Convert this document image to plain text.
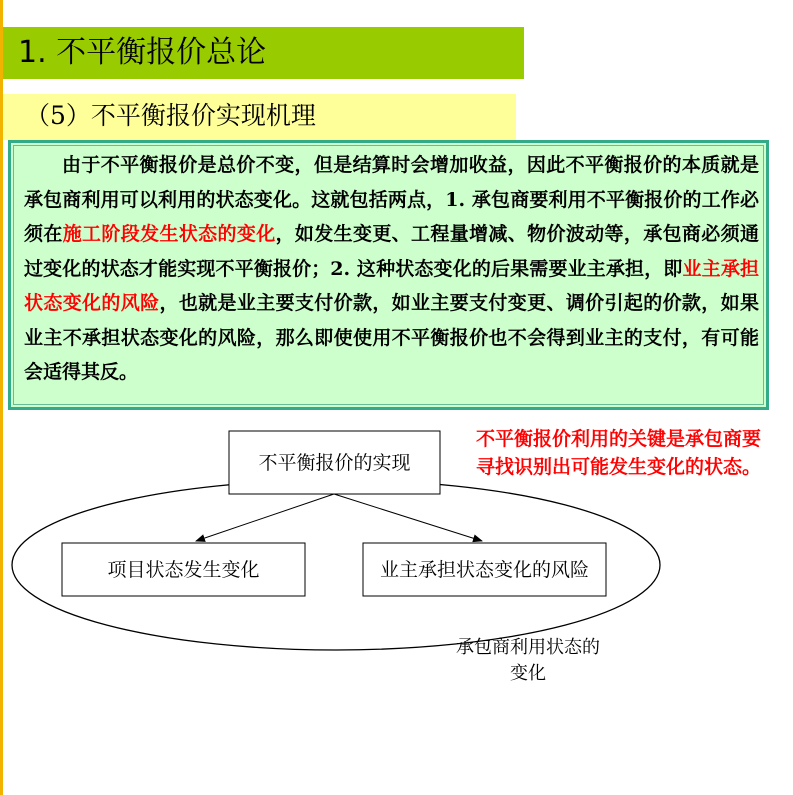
1. 不平衡报价总论
（5）不平衡报价实现机理

由于不平衡报价是总价不变，但是结算时会增加收益，因此不平衡报价的本质就是承包商利用可以利用的状态变化。这就包括两点，1. 承包商要利用不平衡报价的工作必须在施工阶段发生状态的变化，如发生变更、工程量增减、物价波动等，承包商必须通过变化的状态才能实现不平衡报价；2. 这种状态变化的后果需要业主承担，即业主承担状态变化的风险，也就是业主要支付价款，如业主要支付变更、调价引起的价款，如果业主不承担状态变化的风险，那么即使使用不平衡报价也不会得到业主的支付，有可能会适得其反。

不平衡报价的实现
项目状态发生变化	业主承担状态变化的风险
承包商利用状态的
变化

不平衡报价利用的关键是承包商要寻找识别出可能发生变化的状态。
